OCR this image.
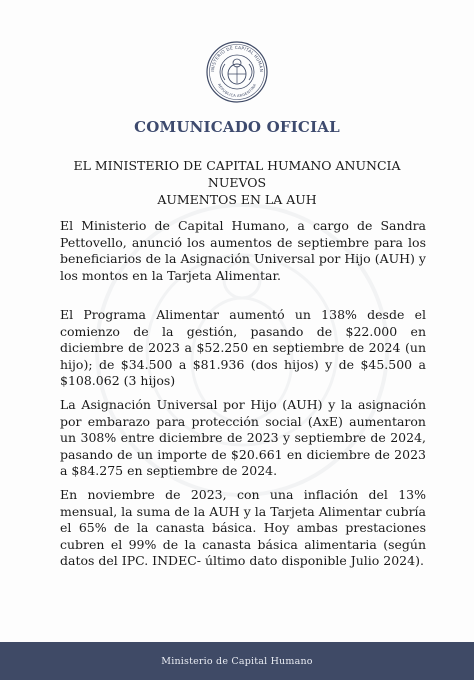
INISTERIO DE CAPITAL HUMAN
REPUBLICA ARGENTINA
COMUNICADO OFICIAL
EL MINISTERIO DE CAPITAL HUMANO ANUNCIA NUEVOS
AUMENTOS EN LA AUH

El Ministerio de Capital Humano, a cargo de Sandra Pettovello, anunció los aumentos de septiembre para los beneficiarios de la Asignación Universal por Hijo (AUH) y los montos en la Tarjeta Alimentar.

El Programa Alimentar aumentó un 138% desde el comienzo de la gestión, pasando de $22.000 en diciembre de 2023 a $52.250 en septiembre de 2024 (un hijo); de $34.500 a $81.936 (dos hijos) y de $45.500 a $108.062 (3 hijos)

La Asignación Universal por Hijo (AUH) y la asignación por embarazo para protección social (AxE) aumentaron un 308% entre diciembre de 2023 y septiembre de 2024, pasando de un importe de $20.661 en diciembre de 2023 a $84.275 en septiembre de 2024.

En noviembre de 2023, con una inflación del 13% mensual, la suma de la AUH y la Tarjeta Alimentar cubría el 65% de la canasta básica. Hoy ambas prestaciones cubren el 99% de la canasta básica alimentaria (según datos del IPC. INDEC- último dato disponible Julio 2024).

Ministerio de Capital Humano
